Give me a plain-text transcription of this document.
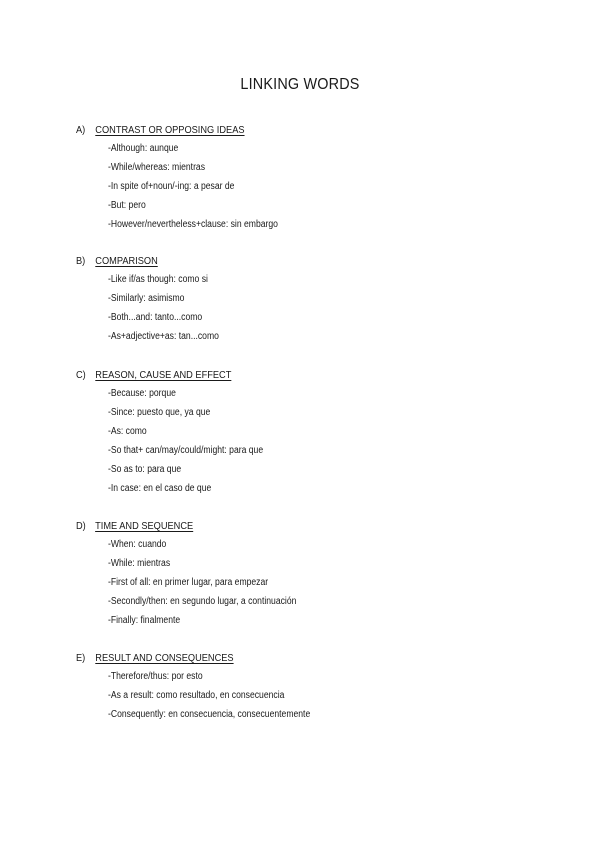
LINKING WORDS
A) CONTRAST OR OPPOSING IDEAS
-Although: aunque
-While/whereas: mientras
-In spite of+noun/-ing: a pesar de
-But: pero
-However/nevertheless+clause: sin embargo
B) COMPARISON
-Like if/as though: como si
-Similarly: asimismo
-Both...and: tanto...como
-As+adjective+as: tan...como
C) REASON, CAUSE AND EFFECT
-Because: porque
-Since: puesto que, ya que
-As: como
-So that+ can/may/could/might: para que
-So as to: para que
-In case: en el caso de que
D) TIME AND SEQUENCE
-When: cuando
-While: mientras
-First of all: en primer lugar, para empezar
-Secondly/then: en segundo lugar, a continuación
-Finally: finalmente
E) RESULT AND CONSEQUENCES
-Therefore/thus: por esto
-As a result: como resultado, en consecuencia
-Consequently: en consecuencia, consecuentemente
